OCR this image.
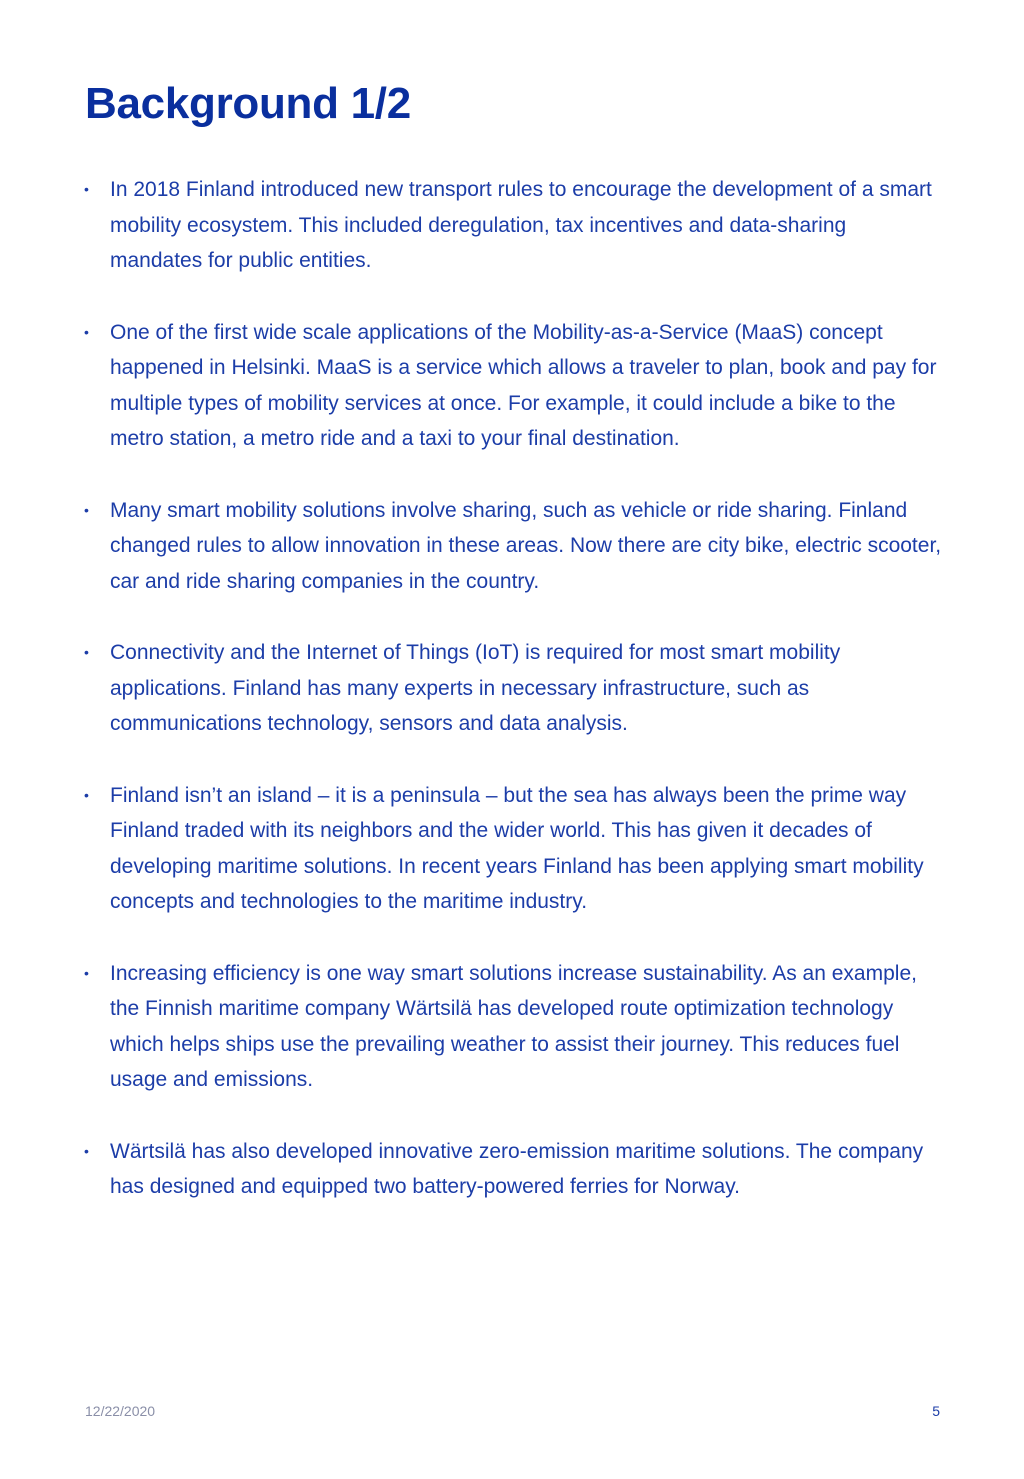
Background 1/2
• In 2018 Finland introduced new transport rules to encourage the development of a smart mobility ecosystem. This included deregulation, tax incentives and data-sharing mandates for public entities.
• One of the first wide scale applications of the Mobility-as-a-Service (MaaS) concept happened in Helsinki. MaaS is a service which allows a traveler to plan, book and pay for multiple types of mobility services at once. For example, it could include a bike to the metro station, a metro ride and a taxi to your final destination.
• Many smart mobility solutions involve sharing, such as vehicle or ride sharing. Finland changed rules to allow innovation in these areas. Now there are city bike, electric scooter, car and ride sharing companies in the country.
• Connectivity and the Internet of Things (IoT) is required for most smart mobility applications. Finland has many experts in necessary infrastructure, such as communications technology, sensors and data analysis.
• Finland isn’t an island – it is a peninsula – but the sea has always been the prime way Finland traded with its neighbors and the wider world. This has given it decades of developing maritime solutions. In recent years Finland has been applying smart mobility concepts and technologies to the maritime industry.
• Increasing efficiency is one way smart solutions increase sustainability. As an example, the Finnish maritime company Wärtsilä has developed route optimization technology which helps ships use the prevailing weather to assist their journey. This reduces fuel usage and emissions.
• Wärtsilä has also developed innovative zero-emission maritime solutions. The company has designed and equipped two battery-powered ferries for Norway.
12/22/2020	5
